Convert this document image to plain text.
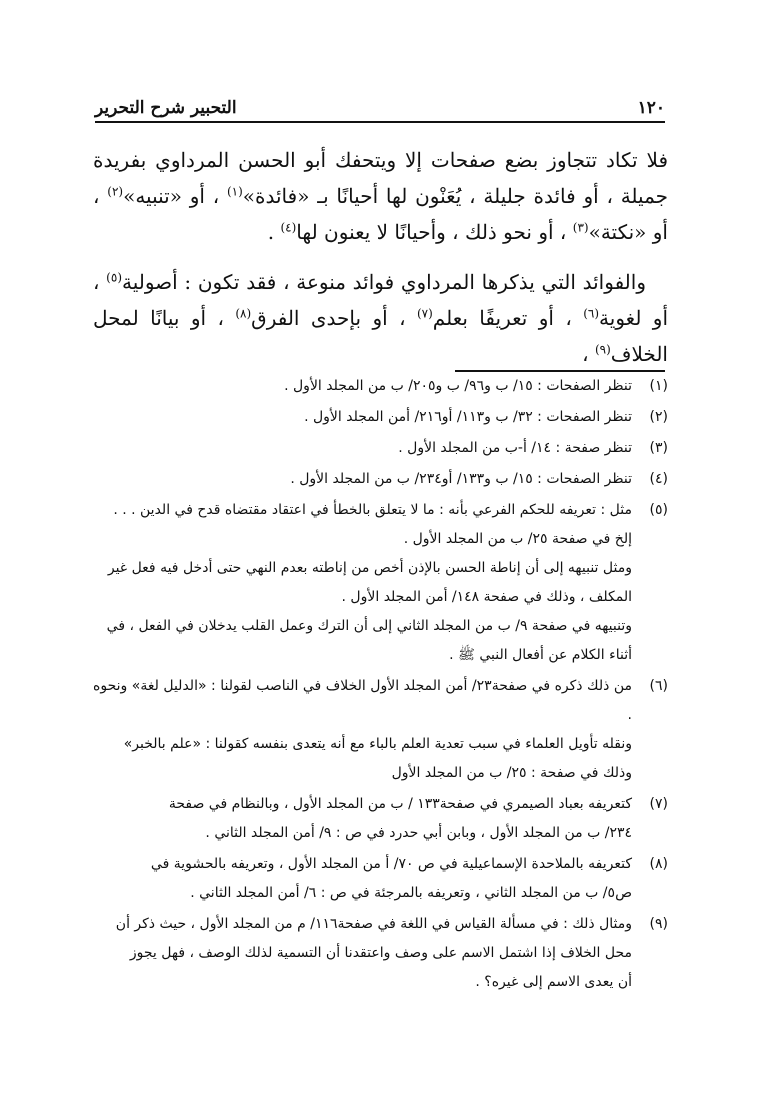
١٢٠
التحبير شرح التحرير

فلا تكاد تتجاوز بضع صفحات إلا ويتحفك أبو الحسن المرداوي بفريدة جميلة ، أو فائدة جليلة ، يُعَنْون لها أحيانًا بـ «فائدة»$^{(١)}$ ، أو «تنبيه»$^{(٢)}$ ، أو «نكتة»$^{(٣)}$ ، أو نحو ذلك ، وأحيانًا لا يعنون لها$^{(٤)}$ .

والفوائد التي يذكرها المرداوي فوائد منوعة ، فقد تكون : أصولية$^{(٥)}$ ، أو لغوية$^{(٦)}$ ، أو تعريفًا بعلم$^{(٧)}$ ، أو بإحدى الفرق$^{(٨)}$ ، أو بيانًا لمحل الخلاف$^{(٩)}$ ،

(١)
تنظر الصفحات : ١٥/ ب و٩٦/ ب و٢٠٥/ ب من المجلد الأول .
(٢)
تنظر الصفحات : ٣٢/ ب و١١٣/ أو٢١٦/ أمن المجلد الأول .
(٣)
تنظر صفحة : ١٤/ أ-ب من المجلد الأول .
(٤)
تنظر الصفحات : ١٥/ ب و١٣٣/ أو٢٣٤/ ب من المجلد الأول .
(٥)
مثل : تعريفه للحكم الفرعي بأنه : ما لا يتعلق بالخطأ في اعتقاد مقتضاه قدح في الدين . . .
إلخ في صفحة ٢٥/ ب من المجلد الأول .
ومثل تنبيهه إلى أن إناطة الحسن بالإذن أخص من إناطته بعدم النهي حتى أدخل فيه فعل غير
المكلف ، وذلك في صفحة ١٤٨/ أمن المجلد الأول .
وتنبيهه في صفحة ٩/ ب من المجلد الثاني إلى أن الترك وعمل القلب يدخلان في الفعل ، في
أثناء الكلام عن أفعال النبي ﷺ .
(٦)
من ذلك ذكره في صفحة٢٣/ أمن المجلد الأول الخلاف في الناصب لقولنا : «الدليل لغة» ونحوه .
ونقله تأويل العلماء في سبب تعدية العلم بالباء مع أنه يتعدى بنفسه كقولنا : «علم بالخبر»
وذلك في صفحة : ٢٥/ ب من المجلد الأول
(٧)
كتعريفه بعباد الصيمري في صفحة١٣٣ / ب من المجلد الأول ، وبالنظام في صفحة
٢٣٤/ ب من المجلد الأول ، وبابن أبي حدرد في ص : ٩/ أمن المجلد الثاني .
(٨)
كتعريفه بالملاحدة الإسماعيلية في ص ٧٠/ أ من المجلد الأول ، وتعريفه بالحشوية في
ص٥/ ب من المجلد الثاني ، وتعريفه بالمرجئة في ص : ٦/ أمن المجلد الثاني .
(٩)
ومثال ذلك : في مسألة القياس في اللغة في صفحة١١٦/ م من المجلد الأول ، حيث ذكر أن
محل الخلاف إذا اشتمل الاسم على وصف واعتقدنا أن التسمية لذلك الوصف ، فهل يجوز
أن يعدى الاسم إلى غيره؟ .
